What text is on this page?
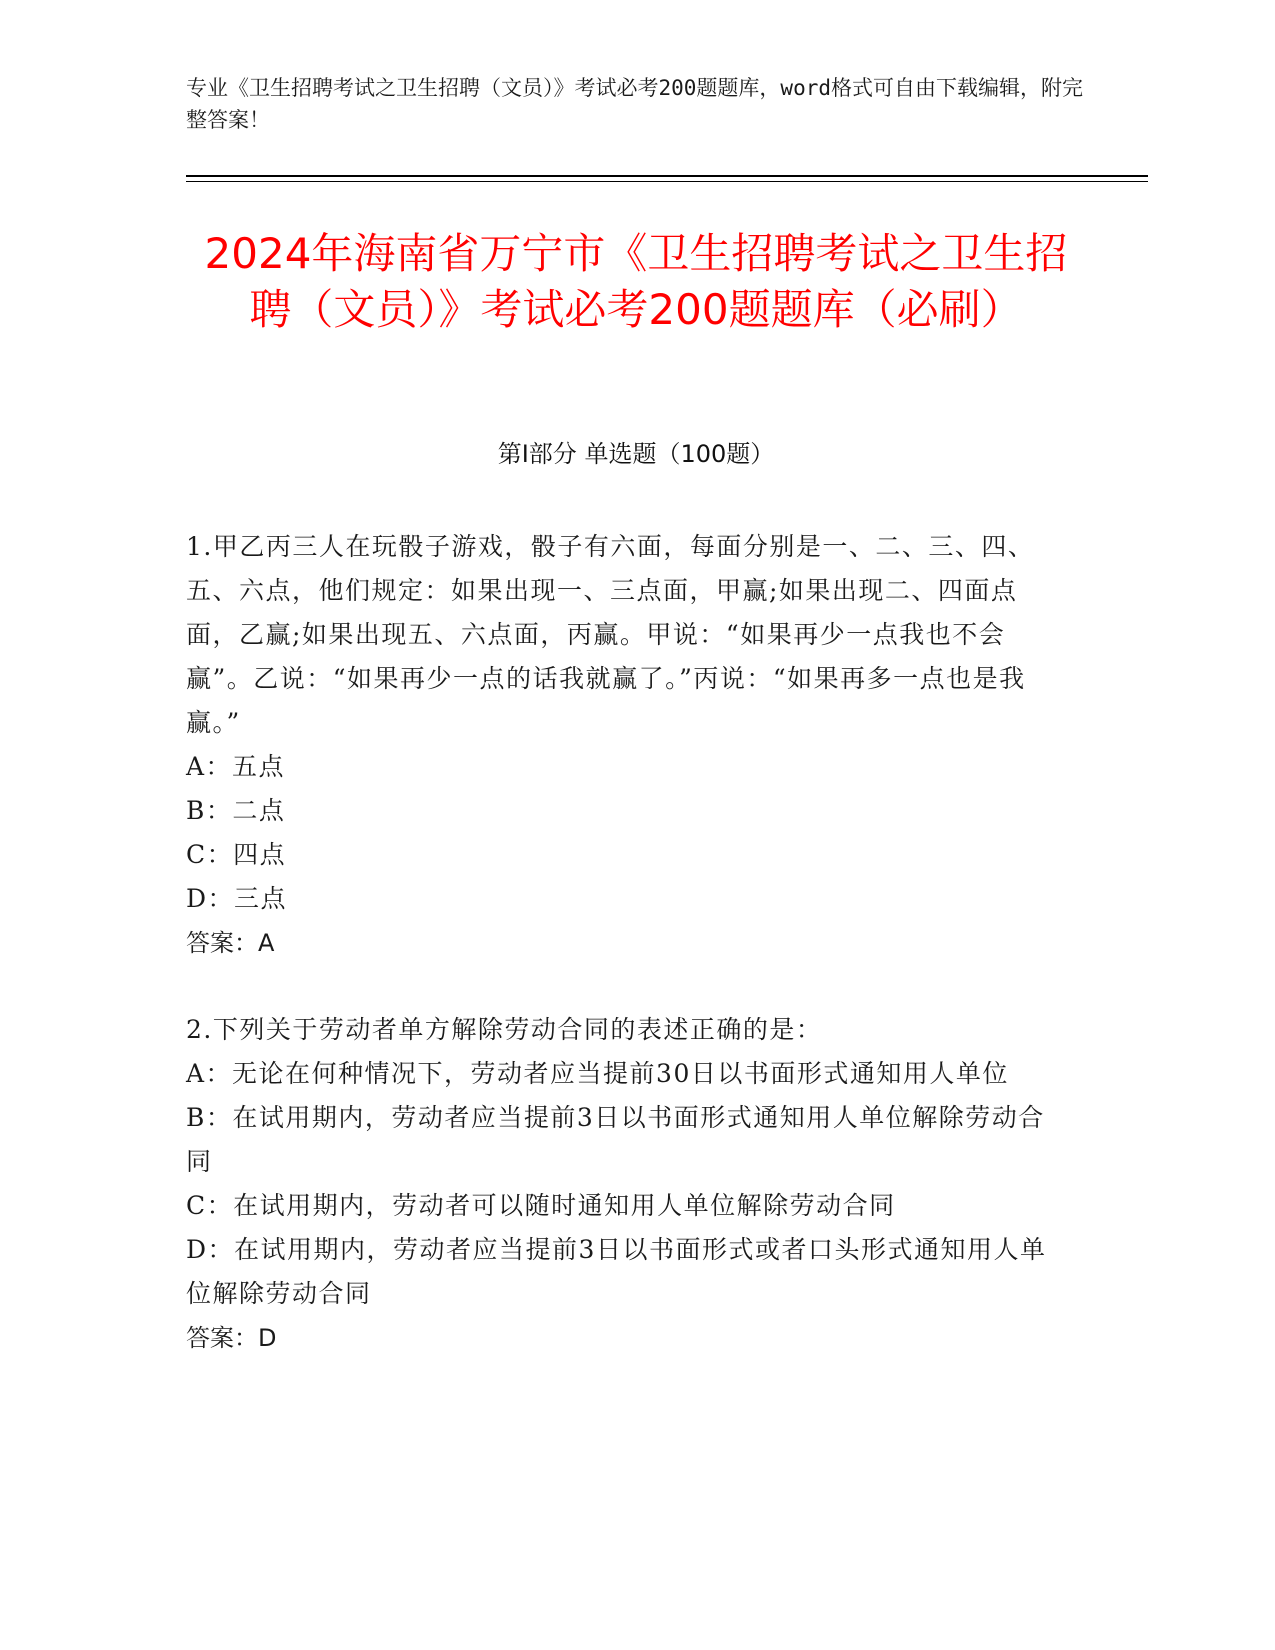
专业《卫生招聘考试之卫生招聘（文员）》考试必考200题题库，word格式可自由下载编辑，附完整答案！
2024年海南省万宁市《卫生招聘考试之卫生招聘（文员）》考试必考200题题库（必刷）
第Ⅰ部分 单选题（100题）

1.甲乙丙三人在玩骰子游戏，骰子有六面，每面分别是一、二、三、四、五、六点，他们规定：如果出现一、三点面，甲赢;如果出现二、四面点面，乙赢;如果出现五、六点面，丙赢。甲说：“如果再少一点我也不会赢”。乙说：“如果再少一点的话我就赢了。”丙说：“如果再多一点也是我赢。”

A：五点

B：二点

C：四点

D：三点

答案：A

2.下列关于劳动者单方解除劳动合同的表述正确的是：

A：无论在何种情况下，劳动者应当提前30日以书面形式通知用人单位

B：在试用期内，劳动者应当提前3日以书面形式通知用人单位解除劳动合同

C：在试用期内，劳动者可以随时通知用人单位解除劳动合同

D：在试用期内，劳动者应当提前3日以书面形式或者口头形式通知用人单位解除劳动合同

答案：D
